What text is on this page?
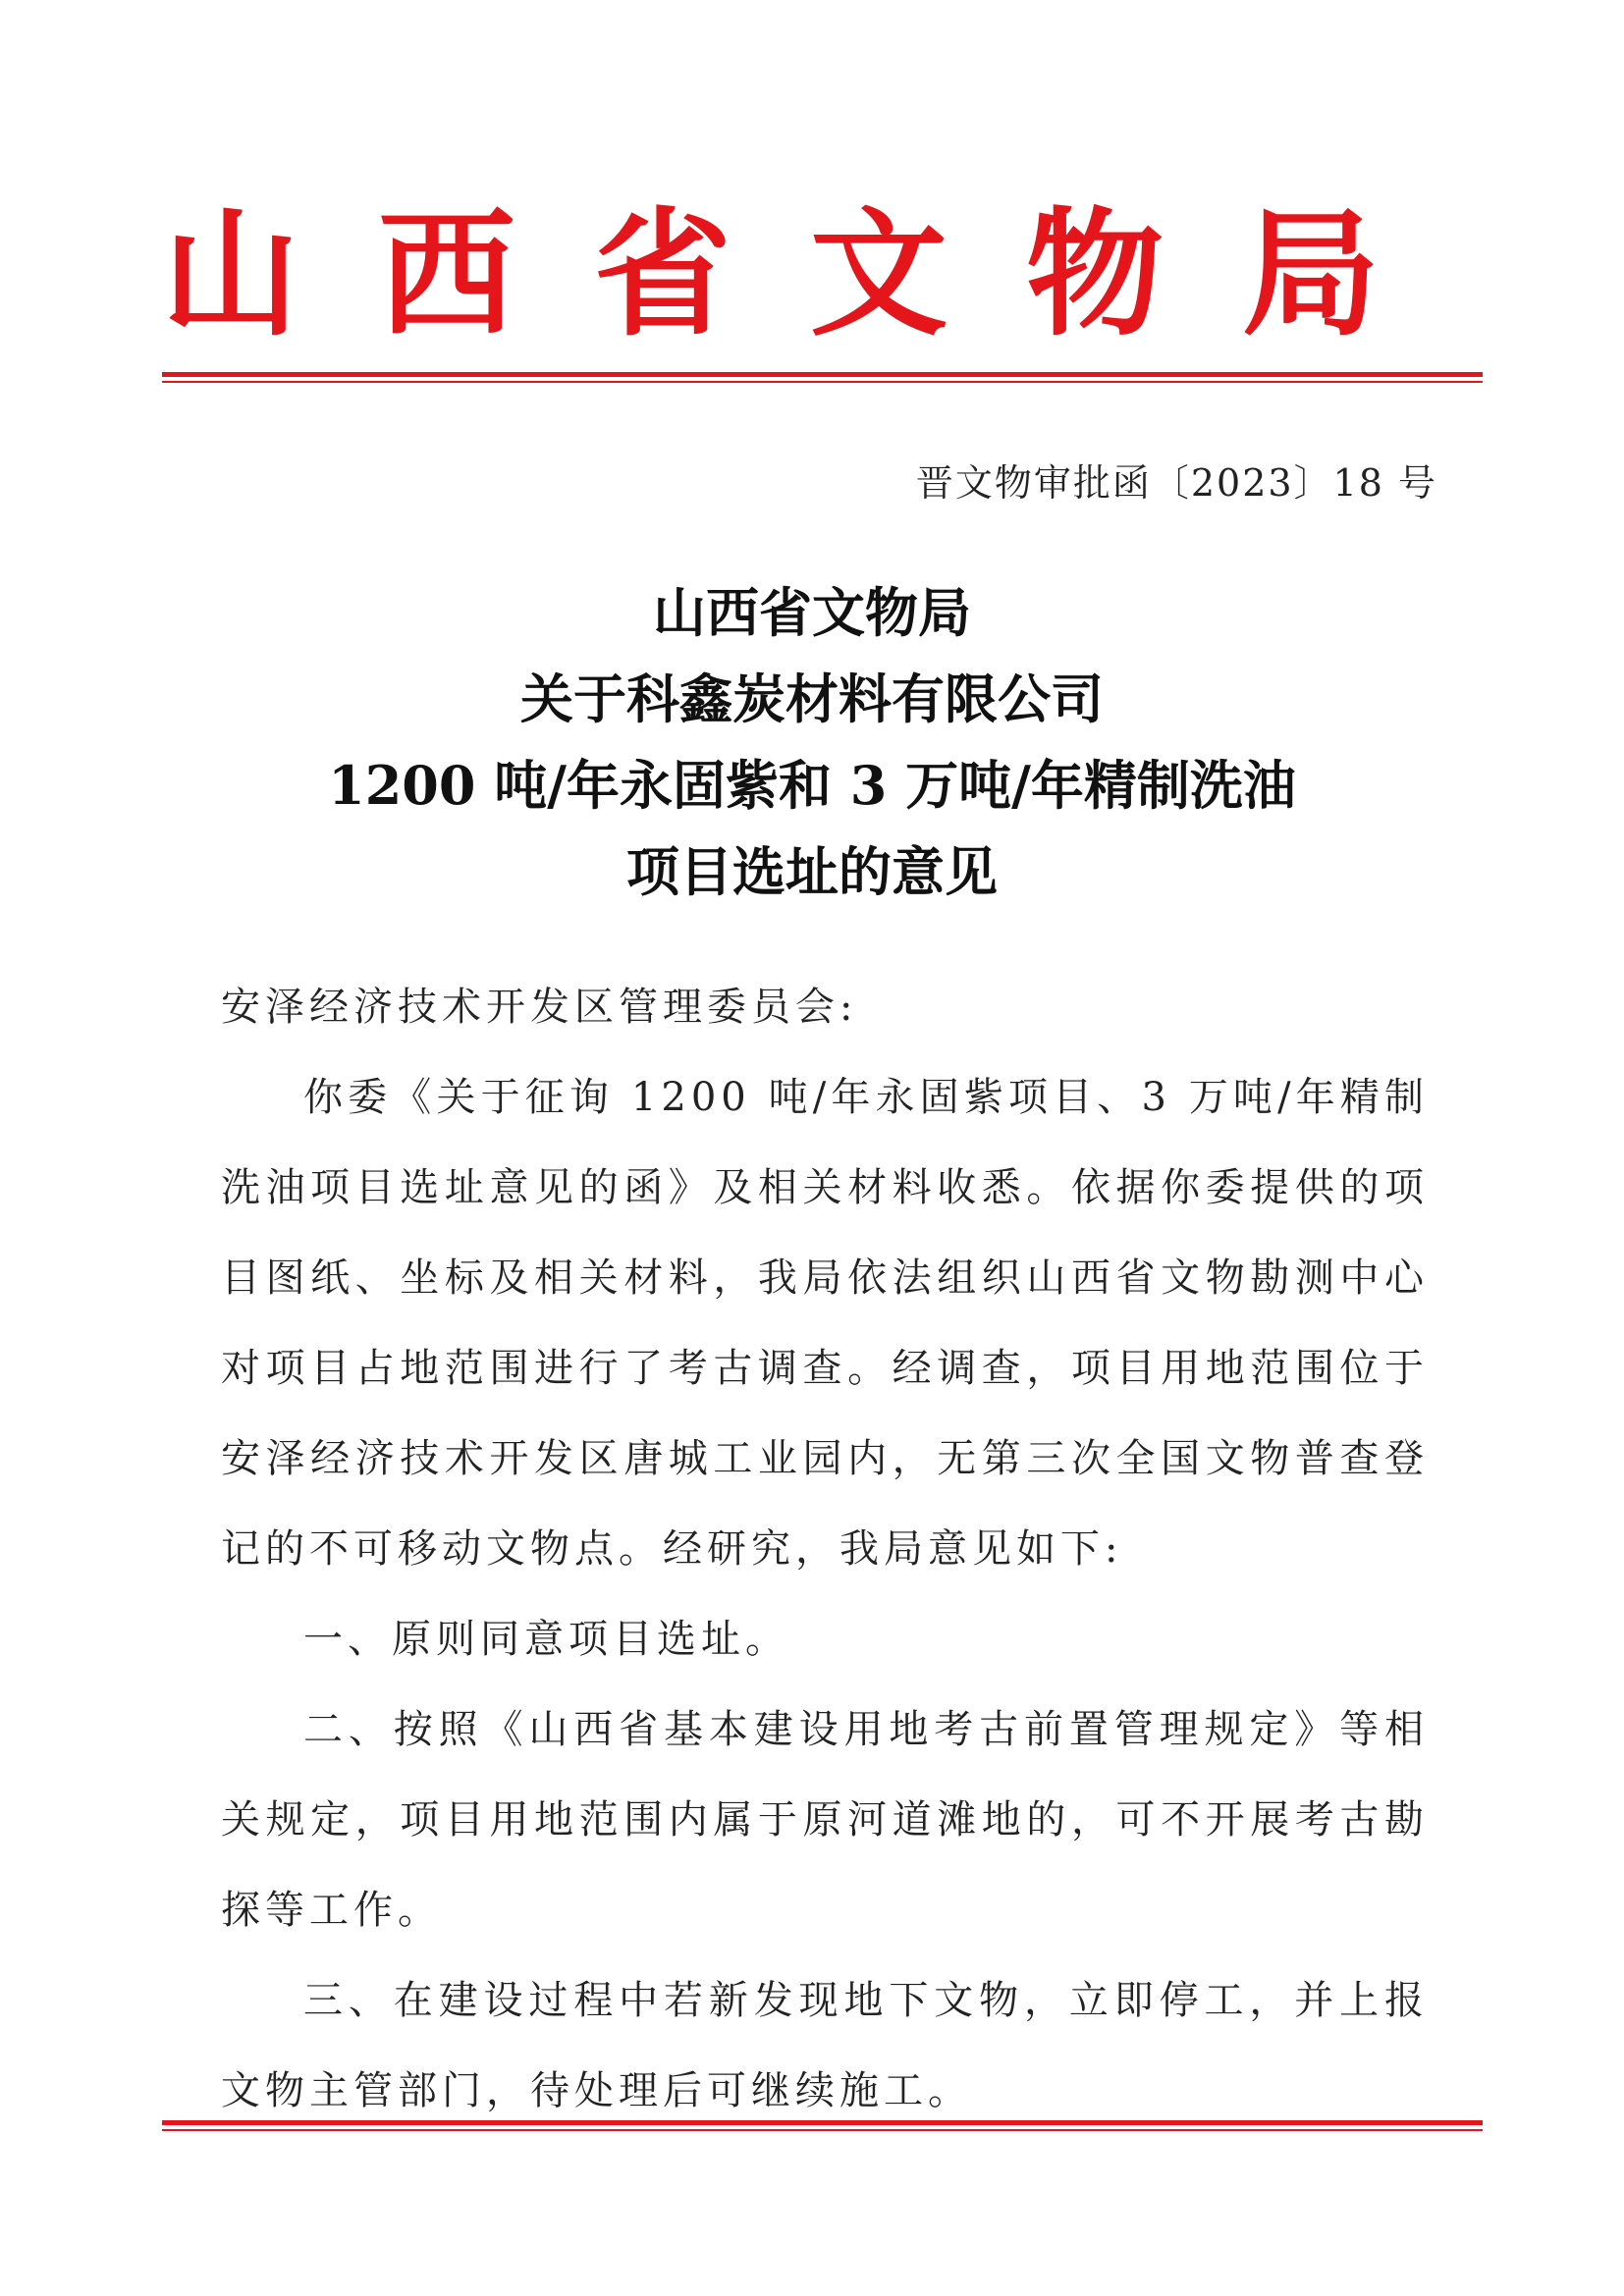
山 西 省 文 物 局
晋文物审批函〔2023〕18 号
山西省文物局
关于科鑫炭材料有限公司
1200 吨/年永固紫和 3 万吨/年精制洗油
项目选址的意见

安泽经济技术开发区管理委员会:

你委《关于征询 1200 吨/年永固紫项目、3 万吨/年精制洗油项目选址意见的函》及相关材料收悉。依据你委提供的项目图纸、坐标及相关材料，我局依法组织山西省文物勘测中心对项目占地范围进行了考古调查。经调查，项目用地范围位于安泽经济技术开发区唐城工业园内，无第三次全国文物普查登记的不可移动文物点。经研究，我局意见如下:

一、原则同意项目选址。

二、按照《山西省基本建设用地考古前置管理规定》等相关规定，项目用地范围内属于原河道滩地的，可不开展考古勘探等工作。

三、在建设过程中若新发现地下文物，立即停工，并上报文物主管部门，待处理后可继续施工。
